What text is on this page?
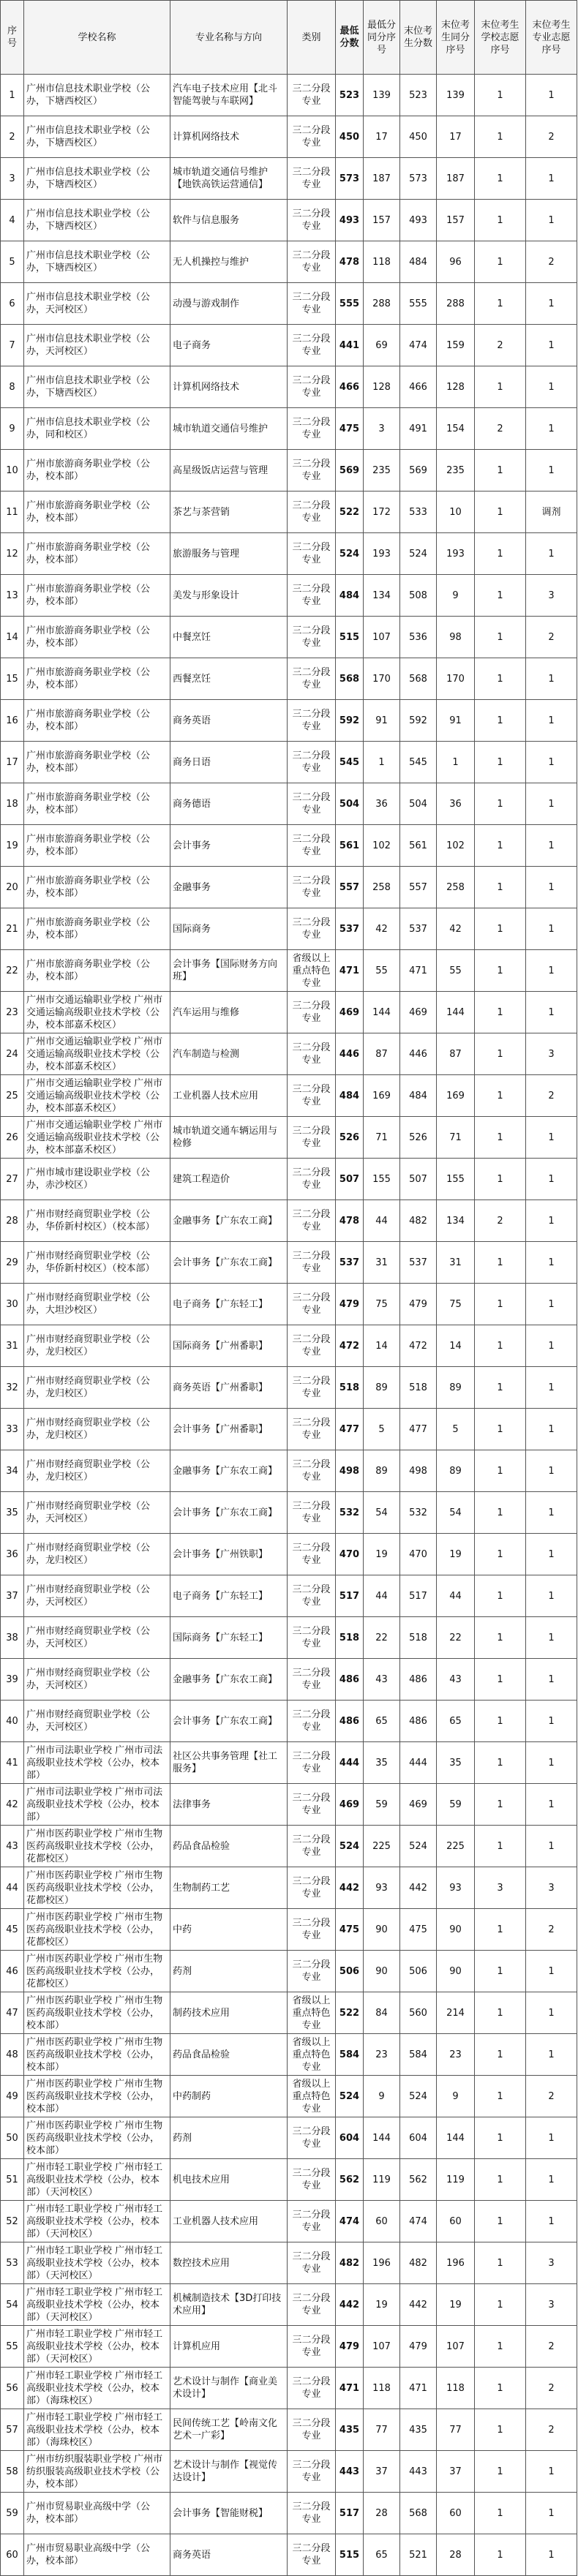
序号	学校名称	专业名称与方向	类别	最低分数	最低分同分序号	末位考生分数	末位考生同分序号	末位考生学校志愿序号	末位考生专业志愿序号
1	广州市信息技术职业学校（公办，下塘西校区）	汽车电子技术应用【北斗智能驾驶与车联网】	三二分段专业	523	139	523	139	1	1
2	广州市信息技术职业学校（公办，下塘西校区）	计算机网络技术	三二分段专业	450	17	450	17	1	2
3	广州市信息技术职业学校（公办，下塘西校区）	城市轨道交通信号维护【地铁高铁运营通信】	三二分段专业	573	187	573	187	1	1
4	广州市信息技术职业学校（公办，下塘西校区）	软件与信息服务	三二分段专业	493	157	493	157	1	1
5	广州市信息技术职业学校（公办，下塘西校区）	无人机操控与维护	三二分段专业	478	118	484	96	1	2
6	广州市信息技术职业学校（公办，天河校区）	动漫与游戏制作	三二分段专业	555	288	555	288	1	1
7	广州市信息技术职业学校（公办，天河校区）	电子商务	三二分段专业	441	69	474	159	2	1
8	广州市信息技术职业学校（公办，下塘西校区）	计算机网络技术	三二分段专业	466	128	466	128	1	1
9	广州市信息技术职业学校（公办，同和校区）	城市轨道交通信号维护	三二分段专业	475	3	491	154	2	1
10	广州市旅游商务职业学校（公办，校本部）	高星级饭店运营与管理	三二分段专业	569	235	569	235	1	1
11	广州市旅游商务职业学校（公办，校本部）	茶艺与茶营销	三二分段专业	522	172	533	10	1	调剂
12	广州市旅游商务职业学校（公办，校本部）	旅游服务与管理	三二分段专业	524	193	524	193	1	1
13	广州市旅游商务职业学校（公办，校本部）	美发与形象设计	三二分段专业	484	134	508	9	1	3
14	广州市旅游商务职业学校（公办，校本部）	中餐烹饪	三二分段专业	515	107	536	98	1	2
15	广州市旅游商务职业学校（公办，校本部）	西餐烹饪	三二分段专业	568	170	568	170	1	1
16	广州市旅游商务职业学校（公办，校本部）	商务英语	三二分段专业	592	91	592	91	1	1
17	广州市旅游商务职业学校（公办，校本部）	商务日语	三二分段专业	545	1	545	1	1	1
18	广州市旅游商务职业学校（公办，校本部）	商务德语	三二分段专业	504	36	504	36	1	1
19	广州市旅游商务职业学校（公办，校本部）	会计事务	三二分段专业	561	102	561	102	1	1
20	广州市旅游商务职业学校（公办，校本部）	金融事务	三二分段专业	557	258	557	258	1	1
21	广州市旅游商务职业学校（公办，校本部）	国际商务	三二分段专业	537	42	537	42	1	1
22	广州市旅游商务职业学校（公办，校本部）	会计事务【国际财务方向班】	省级以上重点特色专业	471	55	471	55	1	1
23	广州市交通运输职业学校 广州市交通运输高级职业技术学校（公办，校本部嘉禾校区）	汽车运用与维修	三二分段专业	469	144	469	144	1	1
24	广州市交通运输职业学校 广州市交通运输高级职业技术学校（公办，校本部嘉禾校区）	汽车制造与检测	三二分段专业	446	87	446	87	1	3
25	广州市交通运输职业学校 广州市交通运输高级职业技术学校（公办，校本部嘉禾校区）	工业机器人技术应用	三二分段专业	484	169	484	169	1	2
26	广州市交通运输职业学校 广州市交通运输高级职业技术学校（公办，校本部嘉禾校区）	城市轨道交通车辆运用与检修	三二分段专业	526	71	526	71	1	1
27	广州市城市建设职业学校（公办，赤沙校区）	建筑工程造价	三二分段专业	507	155	507	155	1	1
28	广州市财经商贸职业学校（公办，华侨新村校区）（校本部）	金融事务【广东农工商】	三二分段专业	478	44	482	134	2	1
29	广州市财经商贸职业学校（公办，华侨新村校区）（校本部）	会计事务【广东农工商】	三二分段专业	537	31	537	31	1	1
30	广州市财经商贸职业学校（公办，大坦沙校区）	电子商务【广东轻工】	三二分段专业	479	75	479	75	1	1
31	广州市财经商贸职业学校（公办，龙归校区）	国际商务【广州番职】	三二分段专业	472	14	472	14	1	1
32	广州市财经商贸职业学校（公办，龙归校区）	商务英语【广州番职】	三二分段专业	518	89	518	89	1	1
33	广州市财经商贸职业学校（公办，龙归校区）	会计事务【广州番职】	三二分段专业	477	5	477	5	1	1
34	广州市财经商贸职业学校（公办，龙归校区）	金融事务【广东农工商】	三二分段专业	498	89	498	89	1	1
35	广州市财经商贸职业学校（公办，天河校区）	会计事务【广东农工商】	三二分段专业	532	54	532	54	1	1
36	广州市财经商贸职业学校（公办，龙归校区）	会计事务【广州铁职】	三二分段专业	470	19	470	19	1	1
37	广州市财经商贸职业学校（公办，天河校区）	电子商务【广东轻工】	三二分段专业	517	44	517	44	1	1
38	广州市财经商贸职业学校（公办，天河校区）	国际商务【广东轻工】	三二分段专业	518	22	518	22	1	1
39	广州市财经商贸职业学校（公办，天河校区）	金融事务【广东农工商】	三二分段专业	486	43	486	43	1	1
40	广州市财经商贸职业学校（公办，天河校区）	会计事务【广东农工商】	三二分段专业	486	65	486	65	1	1
41	广州市司法职业学校 广州市司法高级职业技术学校（公办，校本部）	社区公共事务管理【社工服务】	三二分段专业	444	35	444	35	1	1
42	广州市司法职业学校 广州市司法高级职业技术学校（公办，校本部）	法律事务	三二分段专业	469	59	469	59	1	1
43	广州市医药职业学校 广州市生物医药高级职业技术学校（公办，花都校区）	药品食品检验	三二分段专业	524	225	524	225	1	1
44	广州市医药职业学校 广州市生物医药高级职业技术学校（公办，花都校区）	生物制药工艺	三二分段专业	442	93	442	93	3	3
45	广州市医药职业学校 广州市生物医药高级职业技术学校（公办，花都校区）	中药	三二分段专业	475	90	475	90	1	2
46	广州市医药职业学校 广州市生物医药高级职业技术学校（公办，花都校区）	药剂	三二分段专业	506	90	506	90	1	1
47	广州市医药职业学校 广州市生物医药高级职业技术学校（公办，校本部）	制药技术应用	省级以上重点特色专业	522	84	560	214	1	1
48	广州市医药职业学校 广州市生物医药高级职业技术学校（公办，校本部）	药品食品检验	省级以上重点特色专业	584	23	584	23	1	1
49	广州市医药职业学校 广州市生物医药高级职业技术学校（公办，校本部）	中药制药	省级以上重点特色专业	524	9	524	9	1	2
50	广州市医药职业学校 广州市生物医药高级职业技术学校（公办，校本部）	药剂	三二分段专业	604	144	604	144	1	1
51	广州市轻工职业学校 广州市轻工高级职业技术学校（公办，校本部）（天河校区）	机电技术应用	三二分段专业	562	119	562	119	1	1
52	广州市轻工职业学校 广州市轻工高级职业技术学校（公办，校本部）（天河校区）	工业机器人技术应用	三二分段专业	474	60	474	60	1	1
53	广州市轻工职业学校 广州市轻工高级职业技术学校（公办，校本部）（天河校区）	数控技术应用	三二分段专业	482	196	482	196	1	3
54	广州市轻工职业学校 广州市轻工高级职业技术学校（公办，校本部）（天河校区）	机械制造技术【3D打印技术应用】	三二分段专业	442	19	442	19	1	3
55	广州市轻工职业学校 广州市轻工高级职业技术学校（公办，校本部）（天河校区）	计算机应用	三二分段专业	479	107	479	107	1	2
56	广州市轻工职业学校 广州市轻工高级职业技术学校（公办，校本部）（海珠校区）	艺术设计与制作【商业美术设计】	三二分段专业	471	118	471	118	1	2
57	广州市轻工职业学校 广州市轻工高级职业技术学校（公办，校本部）（海珠校区）	民间传统工艺【岭南文化艺术一广彩】	三二分段专业	435	77	435	77	1	2
58	广州市纺织服装职业学校 广州市纺织服装高级职业技术学校（公办，校本部）	艺术设计与制作【视觉传达设计】	三二分段专业	443	37	443	37	1	1
59	广州市贸易职业高级中学（公办，校本部）	会计事务【智能财税】	三二分段专业	517	28	568	60	1	1
60	广州市贸易职业高级中学（公办，校本部）	商务英语	三二分段专业	515	65	521	28	1	1
